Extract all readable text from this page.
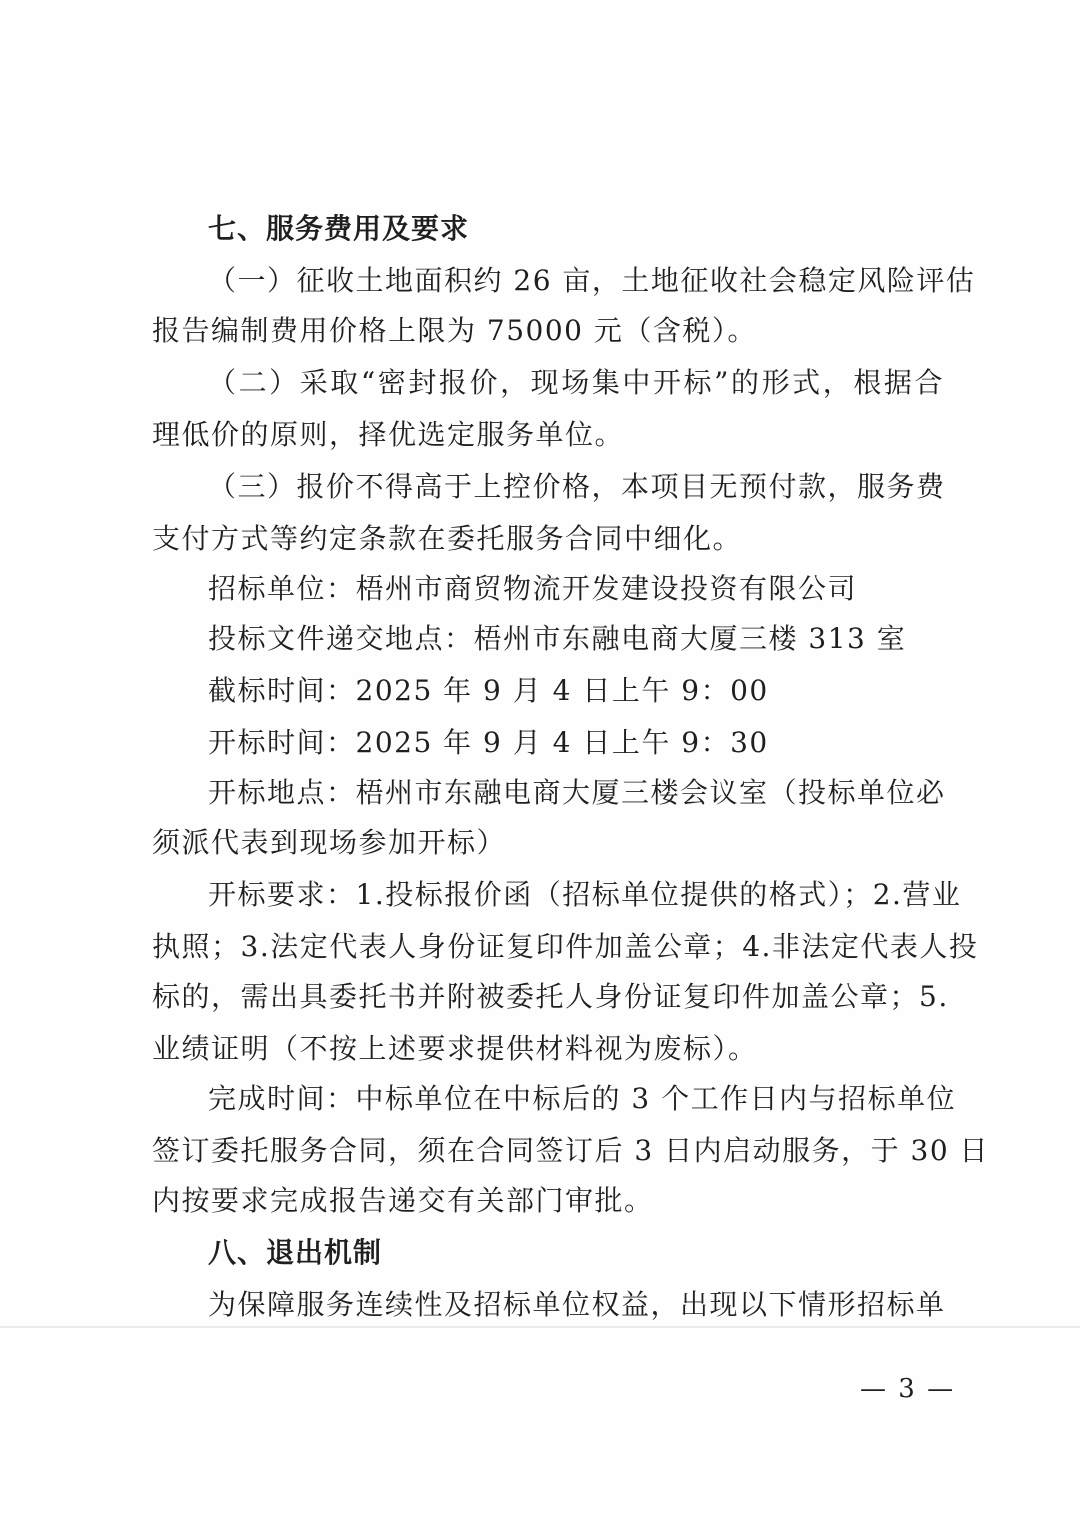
七、服务费用及要求
（一）征收土地面积约 26 亩，土地征收社会稳定风险评估
报告编制费用价格上限为 75000 元（含税）。
（二）采取“密封报价，现场集中开标”的形式，根据合
理低价的原则，择优选定服务单位。
（三）报价不得高于上控价格，本项目无预付款，服务费
支付方式等约定条款在委托服务合同中细化。
招标单位：梧州市商贸物流开发建设投资有限公司
投标文件递交地点：梧州市东融电商大厦三楼 313 室
截标时间：2025 年 9 月 4 日上午 9：00
开标时间：2025 年 9 月 4 日上午 9：30
开标地点：梧州市东融电商大厦三楼会议室（投标单位必
须派代表到现场参加开标）
开标要求：1.投标报价函（招标单位提供的格式）；2.营业
执照；3.法定代表人身份证复印件加盖公章；4.非法定代表人投
标的，需出具委托书并附被委托人身份证复印件加盖公章；5.
业绩证明（不按上述要求提供材料视为废标）。
完成时间：中标单位在中标后的 3 个工作日内与招标单位
签订委托服务合同，须在合同签订后 3 日内启动服务，于 30 日
内按要求完成报告递交有关部门审批。
八、退出机制
为保障服务连续性及招标单位权益，出现以下情形招标单
— 3 —
